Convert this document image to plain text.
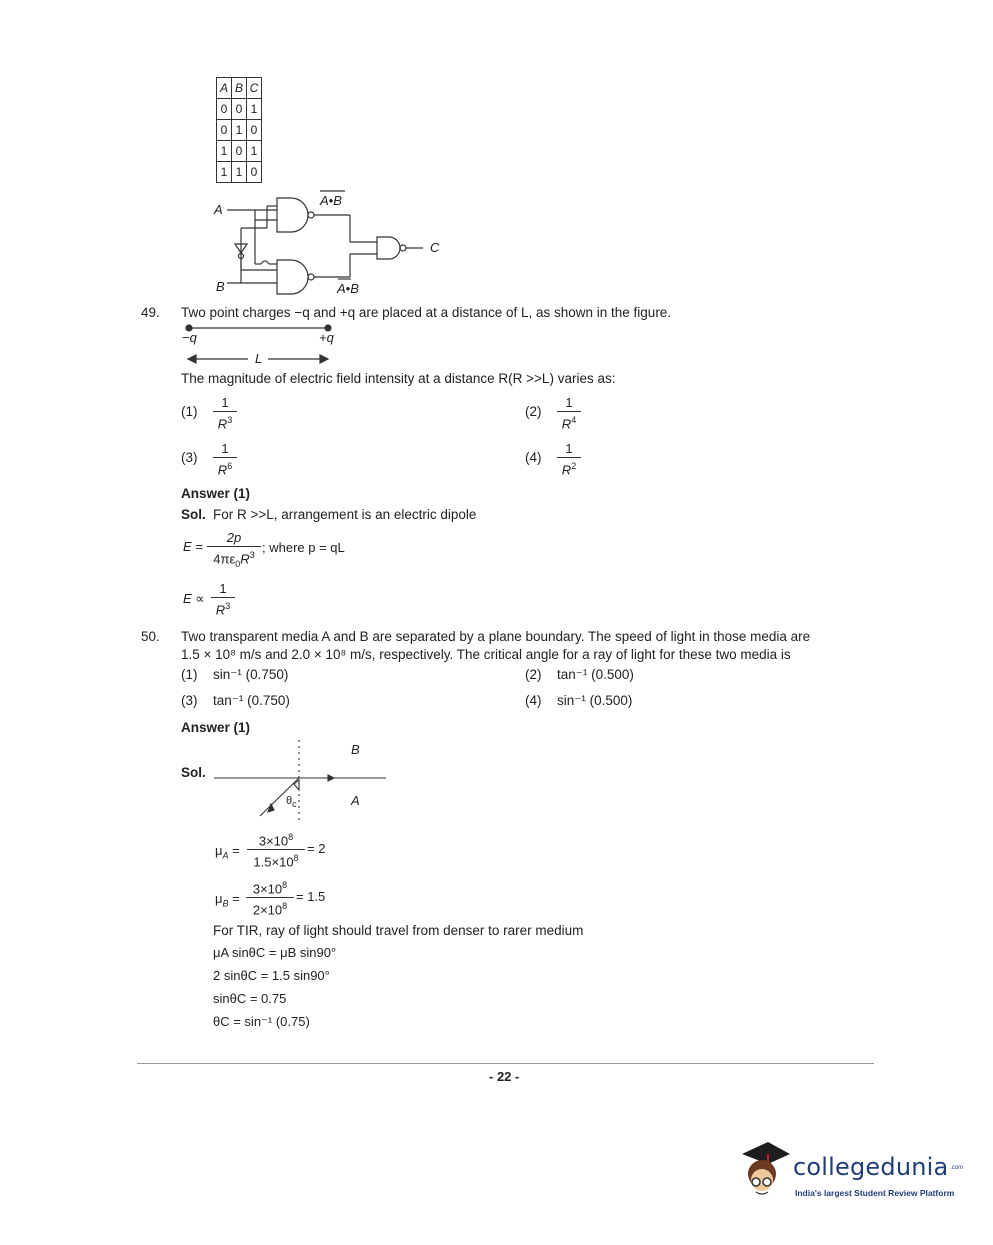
A	B	C
0	0	1
0	1	0
1	0	1
1	1	0
A
B
C
A•B
A•B
49. Two point charges −q and +q are placed at a distance of L, as shown in the figure.
−q	+q
L
The magnitude of electric field intensity at a distance R(R >>L) varies as:
$(1) \frac{1}{R^3}$	$(2) \frac{1}{R^4}$
$(3) \frac{1}{R^6}$	$(4) \frac{1}{R^2}$
Answer (1)
Sol. For R >>L, arrangement is an electric dipole
$E = \frac{2p}{4\pi\varepsilon_0R^3}$ ; where p = qL
$E \propto \frac{1}{R^3}$
50. Two transparent media A and B are separated by a plane boundary. The speed of light in those media are
1.5 × 10⁸ m/s and 2.0 × 10⁸ m/s, respectively. The critical angle for a ray of light for these two media is
(1) sin⁻¹ (0.750)	(2) tan⁻¹ (0.500)
(3) tan⁻¹ (0.750)	(4) sin⁻¹ (0.500)
Answer (1)
Sol.
B
A
$\theta_c$
$\mu_A = \frac{3\times 10^8}{1.5\times 10^8} = 2$
$\mu_B = \frac{3\times 10^8}{2\times 10^8} = 1.5$
For TIR, ray of light should travel from denser to rarer medium
μA sinθC = μB sin90°
2 sinθC = 1.5 sin90°
sinθC = 0.75
θC = sin⁻¹ (0.75)
- 22 -
collegedunia .com
India's largest Student Review Platform
